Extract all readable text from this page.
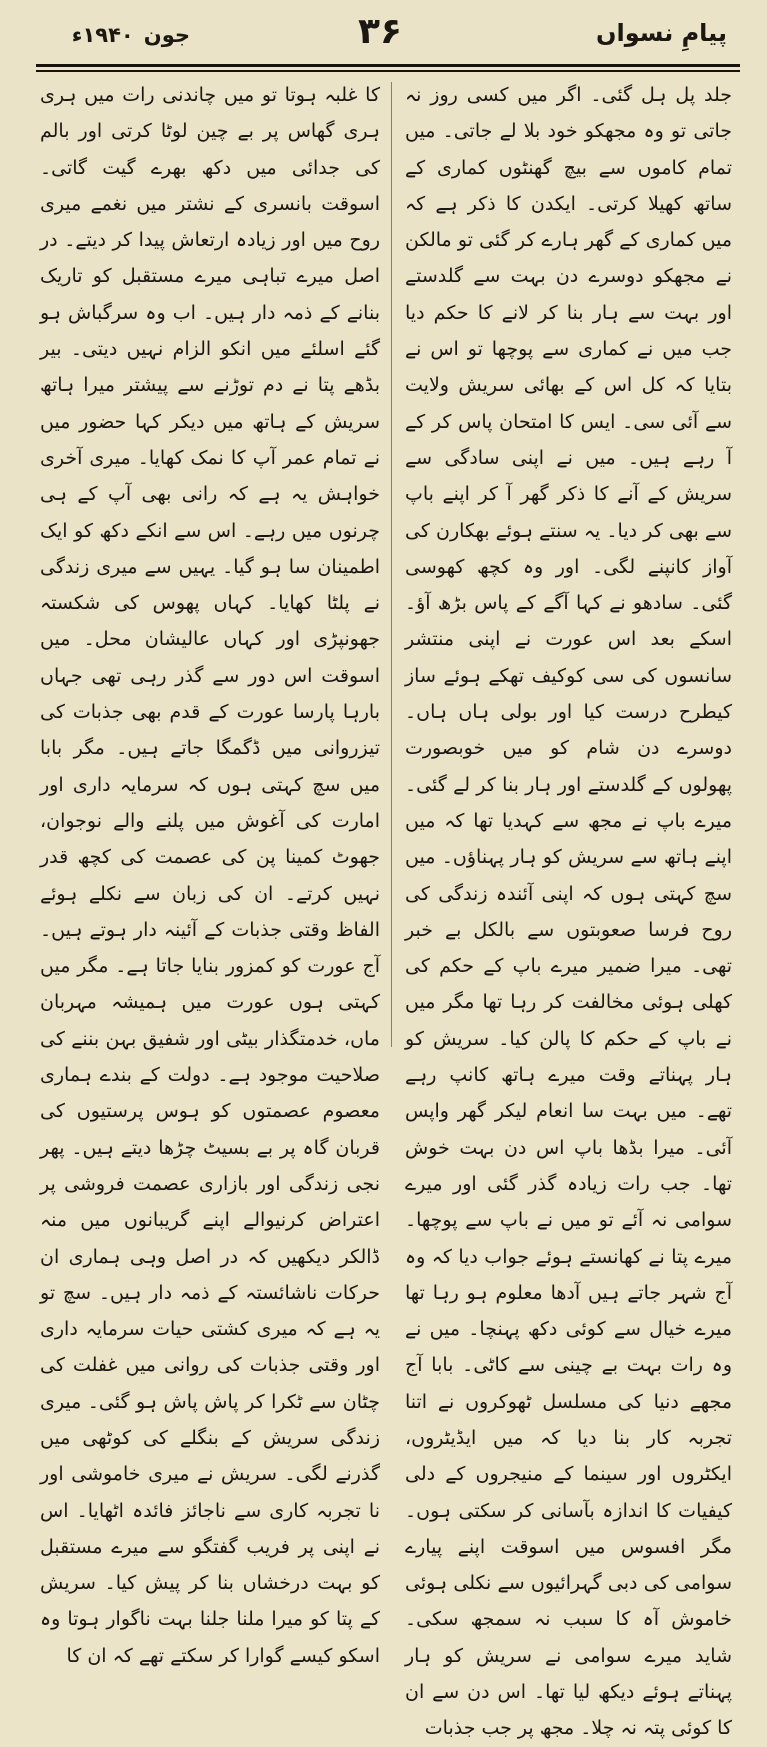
جون
۱۹۴۰ء	۳۶	پیامِ نسواں
جلد پل ہل گئی۔ اگر میں کسی روز نہ جاتی تو وہ مجھکو خود بلا لے جاتی۔ میں تمام کاموں سے بیچ گھنٹوں کماری کے ساتھ کھیلا کرتی۔ ایکدن کا ذکر ہے کہ میں کماری کے گھر ہارے کر گئی تو مالکن نے مجھکو دوسرے دن بہت سے گلدستے اور بہت سے ہار بنا کر لانے کا حکم دیا جب میں نے کماری سے پوچھا تو اس نے بتایا کہ کل اس کے بھائی سریش ولایت سے آئی سی۔ ایس کا امتحان پاس کر کے آ رہے ہیں۔ میں نے اپنی سادگی سے سریش کے آنے کا ذکر گھر آ کر اپنے باپ سے بھی کر دیا۔ یہ سنتے ہوئے بھکارن کی آواز کانپنے لگی۔ اور وہ کچھ کھوسی گئی۔ سادھو نے کہا آگے کے پاس بڑھ آؤ۔ اسکے بعد اس عورت نے اپنی منتشر سانسوں کی سی کوکیف تھکے ہوئے ساز کیطرح درست کیا اور بولی ہاں ہاں۔ دوسرے دن شام کو میں خوبصورت پھولوں کے گلدستے اور ہار بنا کر لے گئی۔ میرے باپ نے مجھ سے کہدیا تھا کہ میں اپنے ہاتھ سے سریش کو ہار پہناؤں۔ میں سچ کہتی ہوں کہ اپنی آئندہ زندگی کی روح فرسا صعوبتوں سے بالکل بے خبر تھی۔ میرا ضمیر میرے باپ کے حکم کی کھلی ہوئی مخالفت کر رہا تھا مگر میں نے باپ کے حکم کا پالن کیا۔ سریش کو ہار پہناتے وقت میرے ہاتھ کانپ رہے تھے۔ میں بہت سا انعام لیکر گھر واپس آئی۔ میرا بڈھا باپ اس دن بہت خوش تھا۔ جب رات زیادہ گذر گئی اور میرے سوامی نہ آئے تو میں نے باپ سے پوچھا۔ میرے پتا نے کھانستے ہوئے جواب دیا کہ وہ آج شہر جاتے ہیں آدھا معلوم ہو رہا تھا میرے خیال سے کوئی دکھ پہنچا۔ میں نے وہ رات بہت بے چینی سے کاٹی۔ بابا آج مجھے دنیا کی مسلسل ٹھوکروں نے اتنا تجربہ کار بنا دیا کہ میں ایڈیٹروں، ایکٹروں اور سینما کے منیجروں کے دلی کیفیات کا اندازہ بآسانی کر سکتی ہوں۔ مگر افسوس میں اسوقت اپنے پیارے سوامی کی دبی گہرائیوں سے نکلی ہوئی خاموش آہ کا سبب نہ سمجھ سکی۔ شاید میرے سوامی نے سریش کو ہار پہناتے ہوئے دیکھ لیا تھا۔ اس دن سے ان کا کوئی پتہ نہ چلا۔ مجھ پر جب جذبات
کا غلبہ ہوتا تو میں چاندنی رات میں ہری ہری گھاس پر بے چین لوٹا کرتی اور بالم کی جدائی میں دکھ بھرے گیت گاتی۔ اسوقت بانسری کے نشتر میں نغمے میری روح میں اور زیادہ ارتعاش پیدا کر دیتے۔ در اصل میرے تباہی میرے مستقبل کو تاریک بنانے کے ذمہ دار ہیں۔ اب وہ سرگباش ہو گئے اسلئے میں انکو الزام نہیں دیتی۔ بیر بڈھے پتا نے دم توڑنے سے پیشتر میرا ہاتھ سریش کے ہاتھ میں دیکر کہا حضور میں نے تمام عمر آپ کا نمک کھایا۔ میری آخری خواہش یہ ہے کہ رانی بھی آپ کے ہی چرنوں میں رہے۔ اس سے انکے دکھ کو ایک اطمینان سا ہو گیا۔ یہیں سے میری زندگی نے پلٹا کھایا۔ کہاں پھوس کی شکستہ جھونپڑی اور کہاں عالیشان محل۔ میں اسوقت اس دور سے گذر رہی تھی جہاں بارہا پارسا عورت کے قدم بھی جذبات کی تیزروانی میں ڈگمگا جاتے ہیں۔ مگر بابا میں سچ کہتی ہوں کہ سرمایہ داری اور امارت کی آغوش میں پلنے والے نوجوان، جھوٹ کمینا پن کی عصمت کی کچھ قدر نہیں کرتے۔ ان کی زبان سے نکلے ہوئے الفاظ وقتی جذبات کے آئینہ دار ہوتے ہیں۔ آج عورت کو کمزور بنایا جاتا ہے۔ مگر میں کہتی ہوں عورت میں ہمیشہ مہربان ماں، خدمتگذار بیٹی اور شفیق بہن بننے کی صلاحیت موجود ہے۔ دولت کے بندے ہماری معصوم عصمتوں کو ہوس پرستیوں کی قربان گاہ پر بے بسیٹ چڑھا دیتے ہیں۔ پھر نجی زندگی اور بازاری عصمت فروشی پر اعتراض کرنیوالے اپنے گریبانوں میں منہ ڈالکر دیکھیں کہ در اصل وہی ہماری ان حرکات ناشائستہ کے ذمہ دار ہیں۔ سچ تو یہ ہے کہ میری کشتی حیات سرمایہ داری اور وقتی جذبات کی روانی میں غفلت کی چٹان سے ٹکرا کر پاش پاش ہو گئی۔ میری زندگی سریش کے بنگلے کی کوٹھی میں گذرنے لگی۔ سریش نے میری خاموشی اور نا تجربہ کاری سے ناجائز فائدہ اٹھایا۔ اس نے اپنی پر فریب گفتگو سے میرے مستقبل کو بہت درخشاں بنا کر پیش کیا۔ سریش کے پتا کو میرا ملنا جلنا بہت ناگوار ہوتا وہ اسکو کیسے گوارا کر سکتے تھے کہ ان کا
